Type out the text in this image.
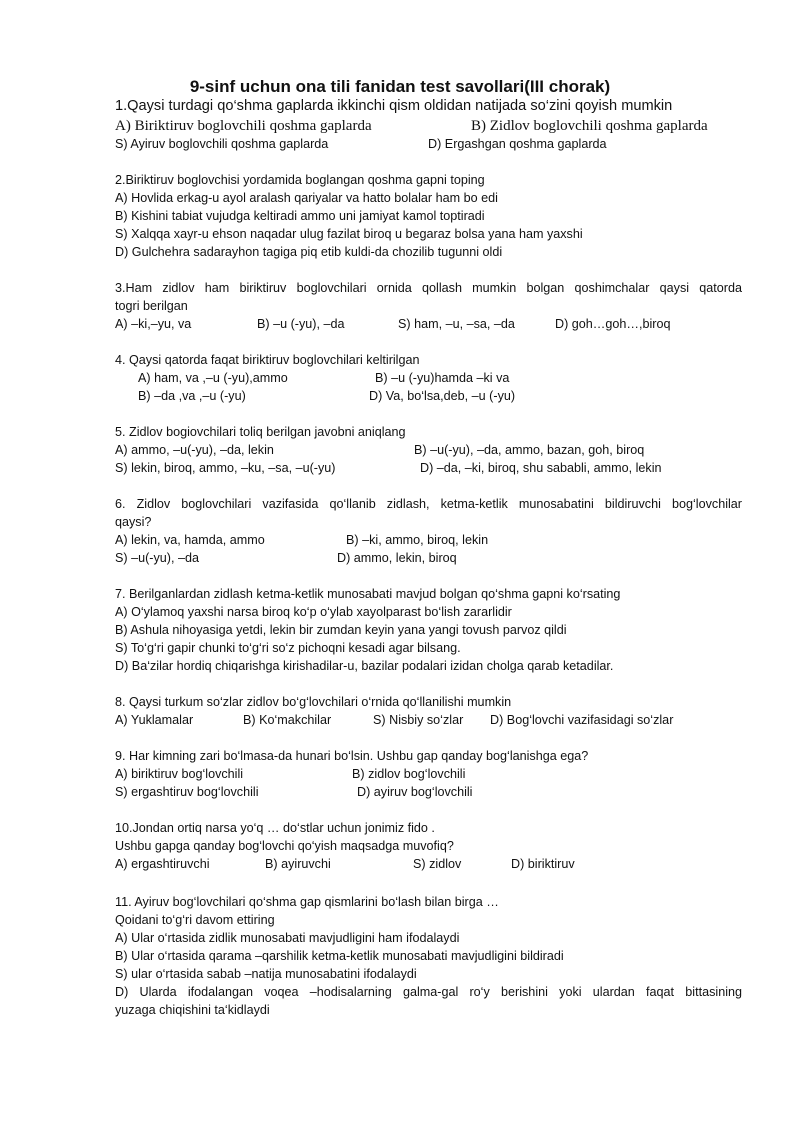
9-sinf uchun ona tili fanidan test savollari(III chorak)
1.Qaysi turdagi qo‘shma gaplarda ikkinchi qism oldidan natijada so‘zini qoyish mumkin
A) Biriktiruv boglovchili qoshma gaplarda	B) Zidlov boglovchili qoshma gaplarda
S) Ayiruv boglovchili qoshma gaplarda	D) Ergashgan qoshma gaplarda
2.Biriktiruv boglovchisi yordamida boglangan qoshma gapni toping
A) Hovlida erkag-u ayol aralash qariyalar va hatto bolalar ham bo edi
B) Kishini tabiat vujudga keltiradi ammo uni jamiyat kamol toptiradi
S) Xalqqa xayr-u ehson naqadar ulug fazilat biroq u begaraz bolsa yana ham yaxshi
D) Gulchehra sadarayhon tagiga piq etib kuldi-da chozilib tugunni oldi
3.Ham zidlov ham biriktiruv boglovchilari ornida qollash mumkin bolgan qoshimchalar qaysi qatorda
togri berilgan
A) –ki,–yu, va	B) –u (-yu), –da	S) ham, –u, –sa, –da	D) goh…goh…,biroq
4. Qaysi qatorda faqat biriktiruv boglovchilari keltirilgan
A) ham, va ,–u (-yu),ammo	B) –u (-yu)hamda –ki va
B) –da ,va ,–u (-yu)	D) Va, bo‘lsa,deb, –u (-yu)
5. Zidlov bogiovchilari toliq berilgan javobni aniqlang
A) ammo, –u(-yu), –da, lekin	B) –u(-yu), –da, ammo, bazan, goh, biroq
S) lekin, biroq, ammo, –ku, –sa, –u(-yu)	D) –da, –ki, biroq, shu sababli, ammo, lekin
6. Zidlov boglovchilari vazifasida qo‘llanib zidlash, ketma-ketlik munosabatini bildiruvchi bog‘lovchilar
qaysi?
A) lekin, va, hamda, ammo	B) –ki, ammo, biroq, lekin
S) –u(-yu), –da	D) ammo, lekin, biroq
7. Berilganlardan zidlash ketma-ketlik munosabati mavjud bolgan qo‘shma gapni ko‘rsating
A) O‘ylamoq yaxshi narsa biroq ko‘p o‘ylab xayolparast bo‘lish zararlidir
B) Ashula nihoyasiga yetdi, lekin bir zumdan keyin yana yangi tovush parvoz qildi
S) To‘g‘ri gapir chunki to‘g‘ri so‘z pichoqni kesadi agar bilsang.
D) Ba‘zilar hordiq chiqarishga kirishadilar-u, bazilar podalari izidan cholga qarab ketadilar.
8. Qaysi turkum so‘zlar zidlov bo‘g‘lovchilari o‘rnida qo‘llanilishi mumkin
A) Yuklamalar	B) Ko‘makchilar	S) Nisbiy so‘zlar D) Bog‘lovchi vazifasidagi so‘zlar
9. Har kimning zari bo‘lmasa-da hunari bo‘lsin. Ushbu gap qanday bog‘lanishga ega?
A) biriktiruv bog‘lovchili	B) zidlov bog‘lovchili
S) ergashtiruv bog‘lovchili	D) ayiruv bog‘lovchili
10.Jondan ortiq narsa yo‘q … do‘stlar uchun jonimiz fido .
Ushbu gapga qanday bog‘lovchi qo‘yish maqsadga muvofiq?
A) ergashtiruvchi	B) ayiruvchi	S) zidlov	D) biriktiruv
11. Ayiruv bog‘lovchilari qo‘shma gap qismlarini bo‘lash bilan birga …
Qoidani to‘g‘ri davom ettiring
A) Ular o‘rtasida zidlik munosabati mavjudligini ham ifodalaydi
B) Ular o‘rtasida qarama –qarshilik ketma-ketlik munosabati mavjudligini bildiradi
S) ular o‘rtasida sabab –natija munosabatini ifodalaydi
D) Ularda ifodalangan voqea –hodisalarning galma-gal ro‘y berishini yoki ulardan faqat bittasining
yuzaga chiqishini ta‘kidlaydi
